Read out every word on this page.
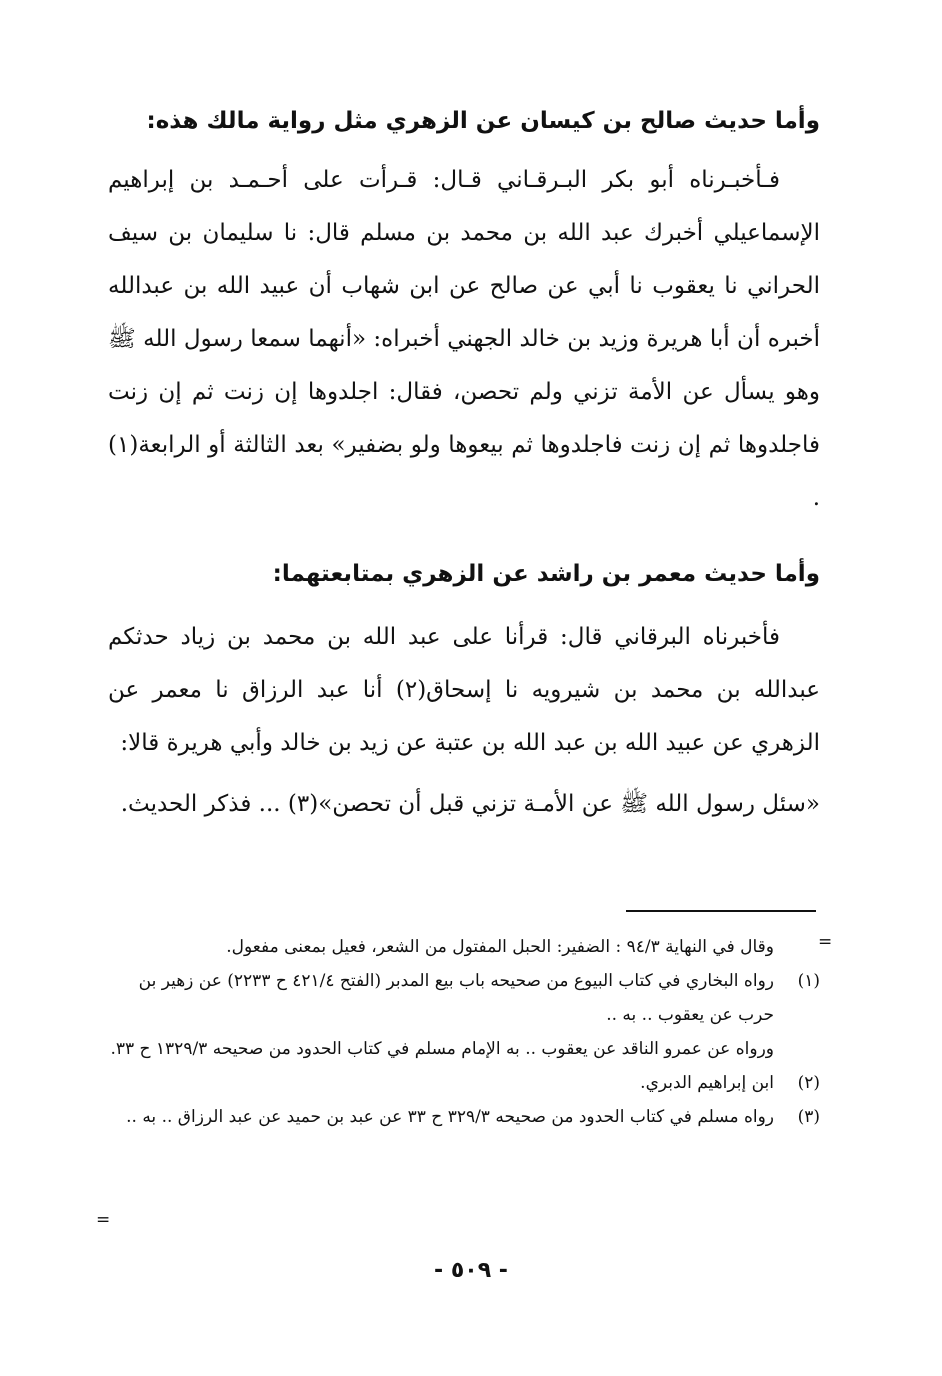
وأما حديث صالح بن كيسان عن الزهري مثل رواية مالك هذه:

فـأخبـرناه أبو بكر البـرقـاني قـال: قـرأت على أحـمـد بن إبراهيم الإسماعيلي أخبرك عبد الله بن محمد بن مسلم قال: نا سليمان بن سيف الحراني نا يعقوب نا أبي عن صالح عن ابن شهاب أن عبيد الله بن عبدالله أخبره أن أبا هريرة وزيد بن خالد الجهني أخبراه: «أنهما سمعا رسول الله ﷺ وهو يسأل عن الأمة تزني ولم تحصن، فقال: اجلدوها إن زنت ثم إن زنت فاجلدوها ثم إن زنت فاجلدوها ثم بيعوها ولو بضفير» بعد الثالثة أو الرابعة(١) .

وأما حديث معمر بن راشد عن الزهري بمتابعتهما:

فأخبرناه البرقاني قال: قرأنا على عبد الله بن محمد بن زياد حدثكم عبدالله بن محمد بن شيرويه نا إسحاق(٢) أنا عبد الرزاق نا معمر عن الزهري عن عبيد الله بن عبد الله بن عتبة عن زيد بن خالد وأبي هريرة قالا:

«سئل رسول الله ﷺ عن الأمـة تزني قبل أن تحصن»(٣) ... فذكر الحديث.

=
=
وقال في النهاية ٩٤/٣ : الضفير: الحبل المفتول من الشعر، فعيل بمعنى مفعول.
(١)
رواه البخاري في كتاب البيوع من صحيحه باب بيع المدبر (الفتح ٤٢١/٤ ح ٢٢٣٣) عن زهير بن حرب عن يعقوب .. به ..
ورواه عن عمرو الناقد عن يعقوب .. به الإمام مسلم في كتاب الحدود من صحيحه ١٣٢٩/٣ ح ٣٣.
(٢)
ابن إبراهيم الدبري.
(٣)
رواه مسلم في كتاب الحدود من صحيحه ٣٢٩/٣ ح ٣٣ عن عبد بن حميد عن عبد الرزاق .. به ..
- ٥٠٩ -
